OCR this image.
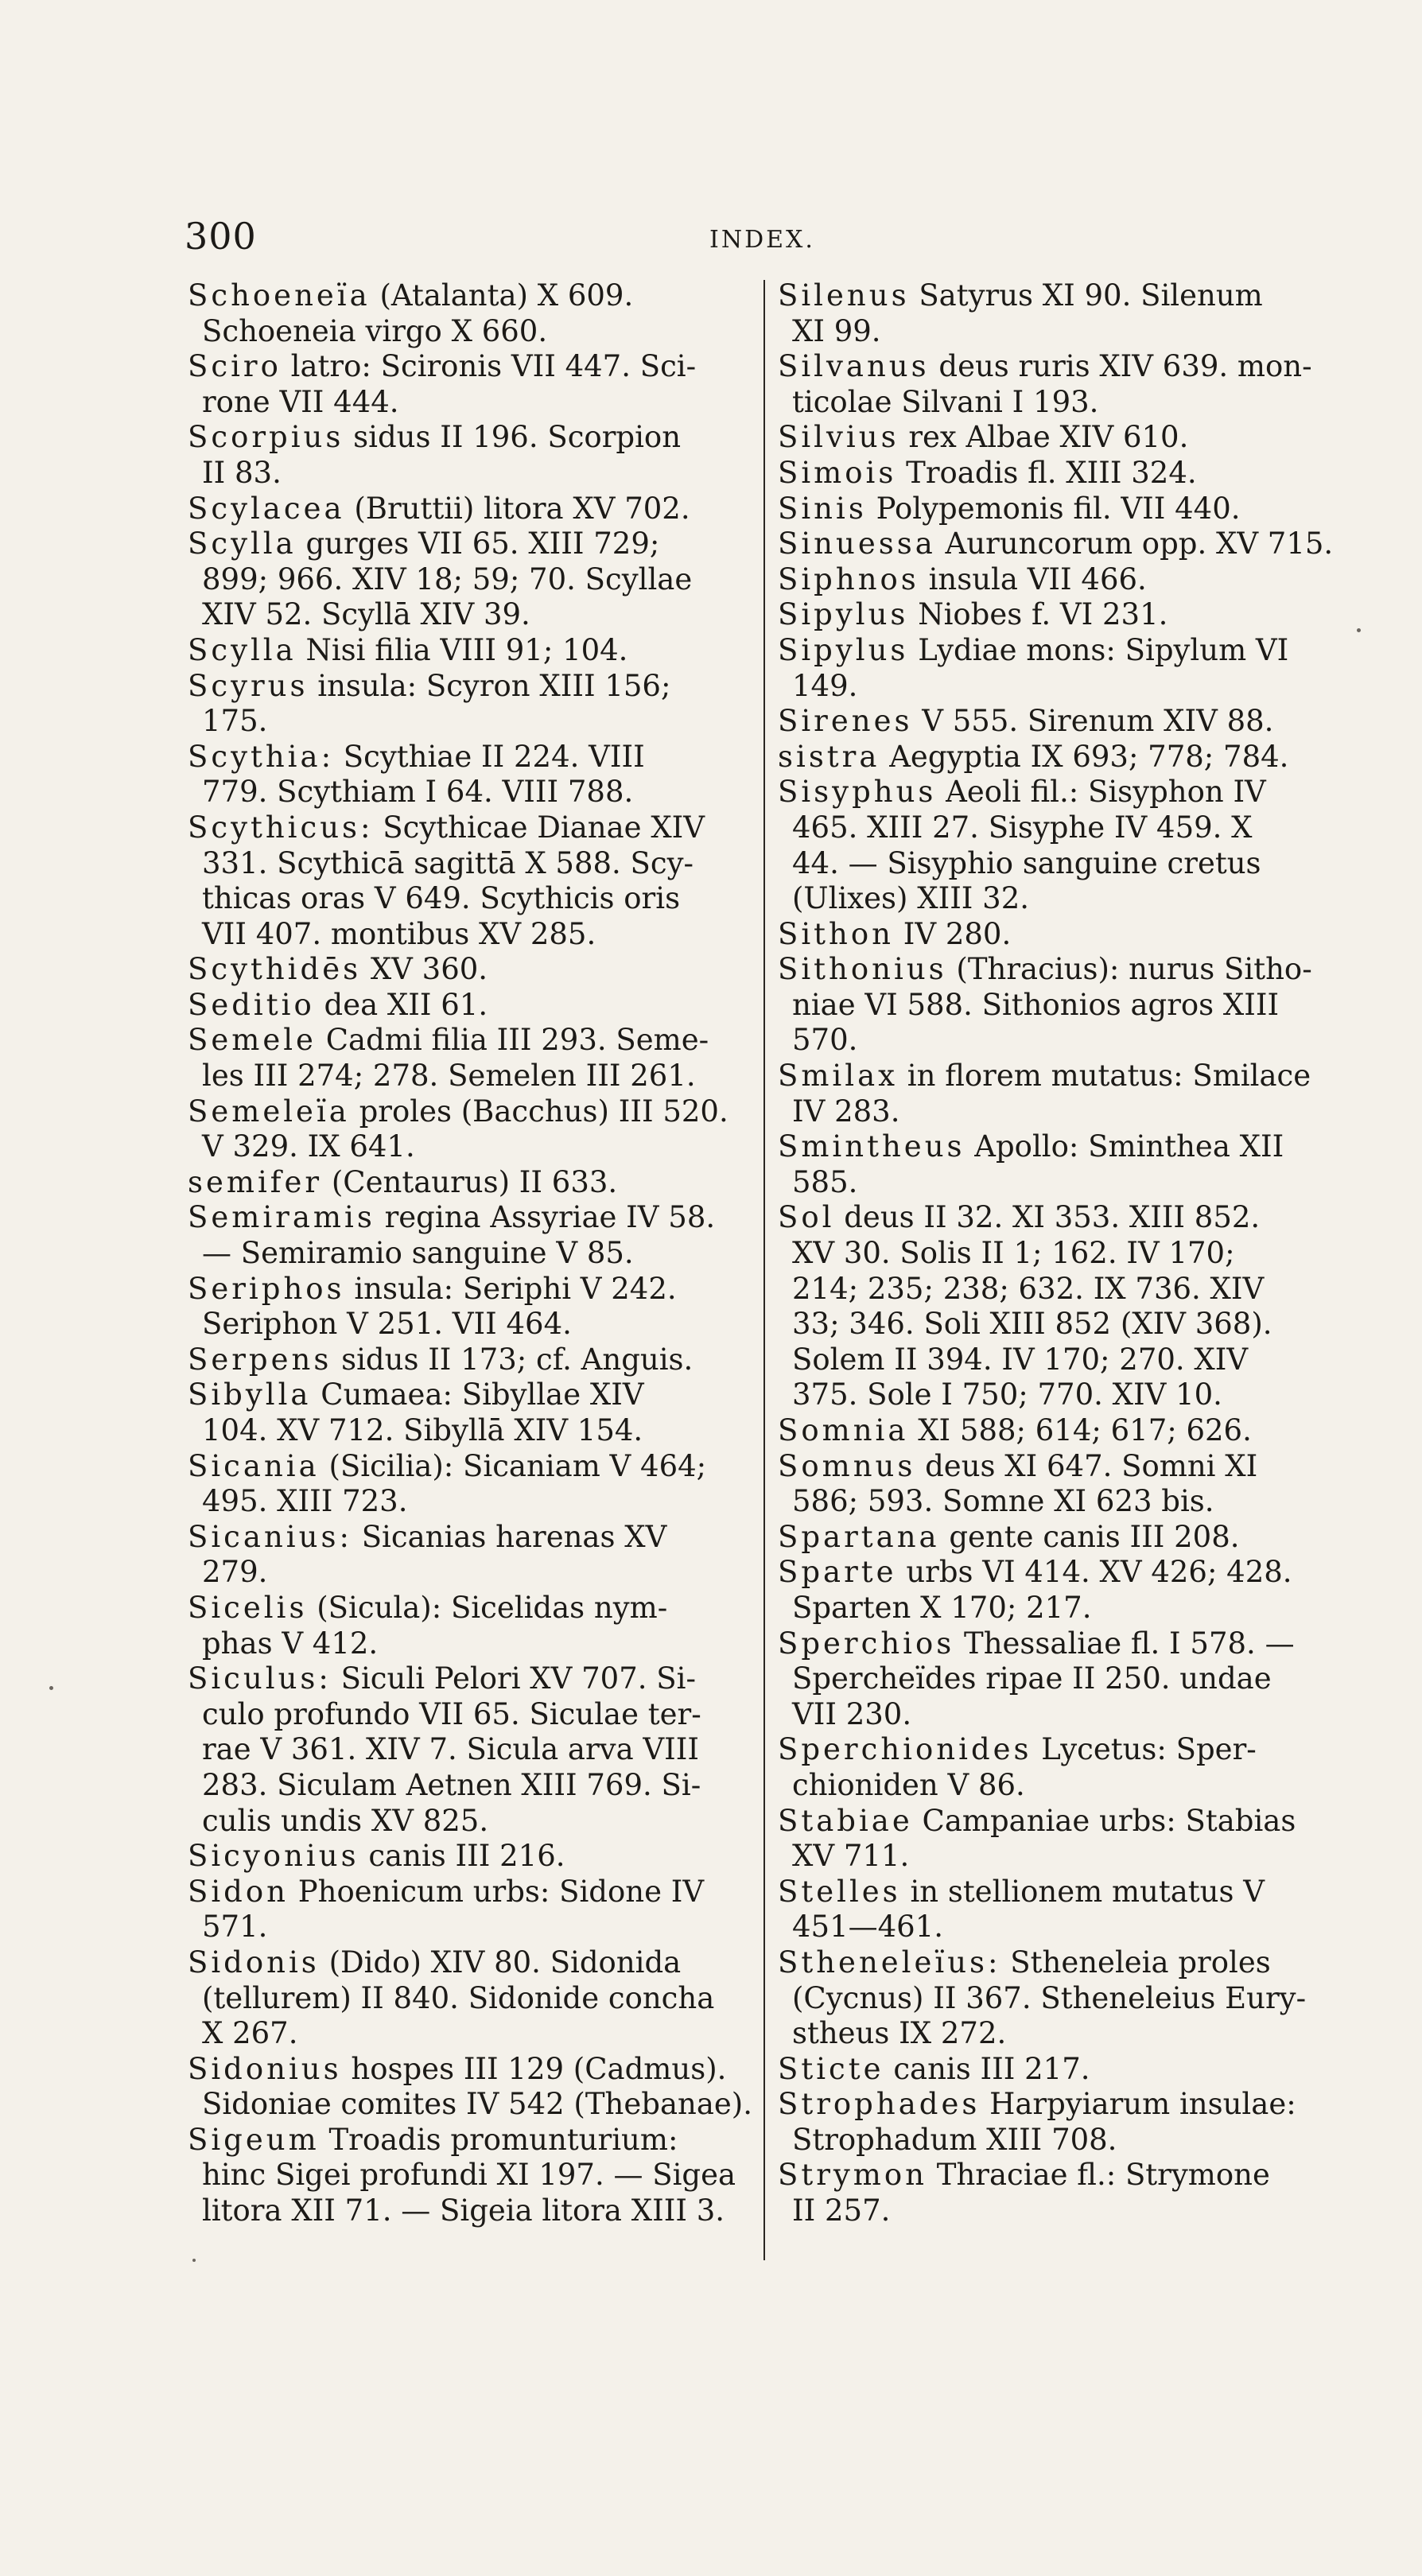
300	INDEX.
Schoeneïa (Atalanta) X 609.
Schoeneia virgo X 660.
Sciro latro: Scironis VII 447. Sci-
rone VII 444.
Scorpius sidus II 196. Scorpion
II 83.
Scylacea (Bruttii) litora XV 702.
Scylla gurges VII 65. XIII 729;
899; 966. XIV 18; 59; 70. Scyllae
XIV 52. Scyllā XIV 39.
Scylla Nisi filia VIII 91; 104.
Scyrus insula: Scyron XIII 156;
175.
Scythia: Scythiae II 224. VIII
779. Scythiam I 64. VIII 788.
Scythicus: Scythicae Dianae XIV
331. Scythicā sagittā X 588. Scy-
thicas oras V 649. Scythicis oris
VII 407. montibus XV 285.
Scythidēs XV 360.
Seditio dea XII 61.
Semele Cadmi filia III 293. Seme-
les III 274; 278. Semelen III 261.
Semeleïa proles (Bacchus) III 520.
V 329. IX 641.
semifer (Centaurus) II 633.
Semiramis regina Assyriae IV 58.
— Semiramio sanguine V 85.
Seriphos insula: Seriphi V 242.
Seriphon V 251. VII 464.
Serpens sidus II 173; cf. Anguis.
Sibylla Cumaea: Sibyllae XIV
104. XV 712. Sibyllā XIV 154.
Sicania (Sicilia): Sicaniam V 464;
495. XIII 723.
Sicanius: Sicanias harenas XV
279.
Sicelis (Sicula): Sicelidas nym-
phas V 412.
Siculus: Siculi Pelori XV 707. Si-
culo profundo VII 65. Siculae ter-
rae V 361. XIV 7. Sicula arva VIII
283. Siculam Aetnen XIII 769. Si-
culis undis XV 825.
Sicyonius canis III 216.
Sidon Phoenicum urbs: Sidone IV
571.
Sidonis (Dido) XIV 80. Sidonida
(tellurem) II 840. Sidonide concha
X 267.
Sidonius hospes III 129 (Cadmus).
Sidoniae comites IV 542 (Thebanae).
Sigeum Troadis promunturium:
hinc Sigei profundi XI 197. — Sigea
litora XII 71. — Sigeia litora XIII 3.
Silenus Satyrus XI 90. Silenum
XI 99.
Silvanus deus ruris XIV 639. mon-
ticolae Silvani I 193.
Silvius rex Albae XIV 610.
Simois Troadis fl. XIII 324.
Sinis Polypemonis fil. VII 440.
Sinuessa Auruncorum opp. XV 715.
Siphnos insula VII 466.
Sipylus Niobes f. VI 231.
Sipylus Lydiae mons: Sipylum VI
149.
Sirenes V 555. Sirenum XIV 88.
sistra Aegyptia IX 693; 778; 784.
Sisyphus Aeoli fil.: Sisyphon IV
465. XIII 27. Sisyphe IV 459. X
44. — Sisyphio sanguine cretus
(Ulixes) XIII 32.
Sithon IV 280.
Sithonius (Thracius): nurus Sitho-
niae VI 588. Sithonios agros XIII
570.
Smilax in florem mutatus: Smilace
IV 283.
Smintheus Apollo: Sminthea XII
585.
Sol deus II 32. XI 353. XIII 852.
XV 30. Solis II 1; 162. IV 170;
214; 235; 238; 632. IX 736. XIV
33; 346. Soli XIII 852 (XIV 368).
Solem II 394. IV 170; 270. XIV
375. Sole I 750; 770. XIV 10.
Somnia XI 588; 614; 617; 626.
Somnus deus XI 647. Somni XI
586; 593. Somne XI 623 bis.
Spartana gente canis III 208.
Sparte urbs VI 414. XV 426; 428.
Sparten X 170; 217.
Sperchios Thessaliae fl. I 578. —
Spercheïdes ripae II 250. undae
VII 230.
Sperchionides Lycetus: Sper-
chioniden V 86.
Stabiae Campaniae urbs: Stabias
XV 711.
Stelles in stellionem mutatus V
451—461.
Stheneleïus: Stheneleia proles
(Cycnus) II 367. Stheneleius Eury-
stheus IX 272.
Sticte canis III 217.
Strophades Harpyiarum insulae:
Strophadum XIII 708.
Strymon Thraciae fl.: Strymone
II 257.
